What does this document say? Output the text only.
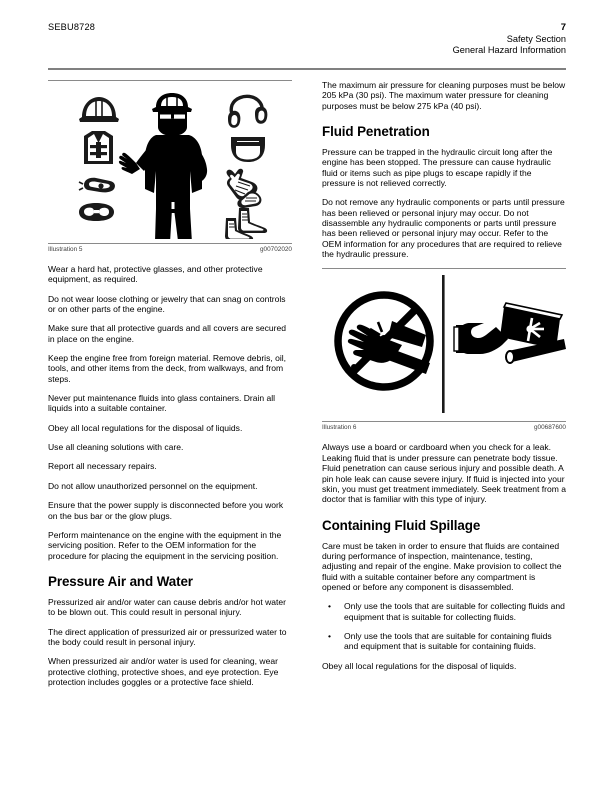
SEBU8728	7
Safety Section
General Hazard Information
Illustration 5	g00702020

Wear a hard hat, protective glasses, and other protective equipment, as required.

Do not wear loose clothing or jewelry that can snag on controls or on other parts of the engine.

Make sure that all protective guards and all covers are secured in place on the engine.

Keep the engine free from foreign material. Remove debris, oil, tools, and other items from the deck, from walkways, and from steps.

Never put maintenance fluids into glass containers. Drain all liquids into a suitable container.

Obey all local regulations for the disposal of liquids.

Use all cleaning solutions with care.

Report all necessary repairs.

Do not allow unauthorized personnel on the equipment.

Ensure that the power supply is disconnected before you work on the bus bar or the glow plugs.

Perform maintenance on the engine with the equipment in the servicing position. Refer to the OEM information for the procedure for placing the equipment in the servicing position.

Pressure Air and Water

Pressurized air and/or water can cause debris and/or hot water to be blown out. This could result in personal injury.

The direct application of pressurized air or pressurized water to the body could result in personal injury.

When pressurized air and/or water is used for cleaning, wear protective clothing, protective shoes, and eye protection. Eye protection includes goggles or a protective face shield.

The maximum air pressure for cleaning purposes must be below 205 kPa (30 psi). The maximum water pressure for cleaning purposes must be below 275 kPa (40 psi).

Fluid Penetration

Pressure can be trapped in the hydraulic circuit long after the engine has been stopped. The pressure can cause hydraulic fluid or items such as pipe plugs to escape rapidly if the pressure is not relieved correctly.

Do not remove any hydraulic components or parts until pressure has been relieved or personal injury may occur. Do not disassemble any hydraulic components or parts until pressure has been relieved or personal injury may occur. Refer to the OEM information for any procedures that are required to relieve the hydraulic pressure.

Illustration 6	g00687600

Always use a board or cardboard when you check for a leak. Leaking fluid that is under pressure can penetrate body tissue. Fluid penetration can cause serious injury and possible death. A pin hole leak can cause severe injury. If fluid is injected into your skin, you must get treatment immediately. Seek treatment from a doctor that is familiar with this type of injury.

Containing Fluid Spillage

Care must be taken in order to ensure that fluids are contained during performance of inspection, maintenance, testing, adjusting and repair of the engine. Make provision to collect the fluid with a suitable container before any compartment is opened or before any component is disassembled.

• Only use the tools that are suitable for collecting fluids and equipment that is suitable for collecting fluids.
• Only use the tools that are suitable for containing fluids and equipment that is suitable for containing fluids.

Obey all local regulations for the disposal of liquids.
